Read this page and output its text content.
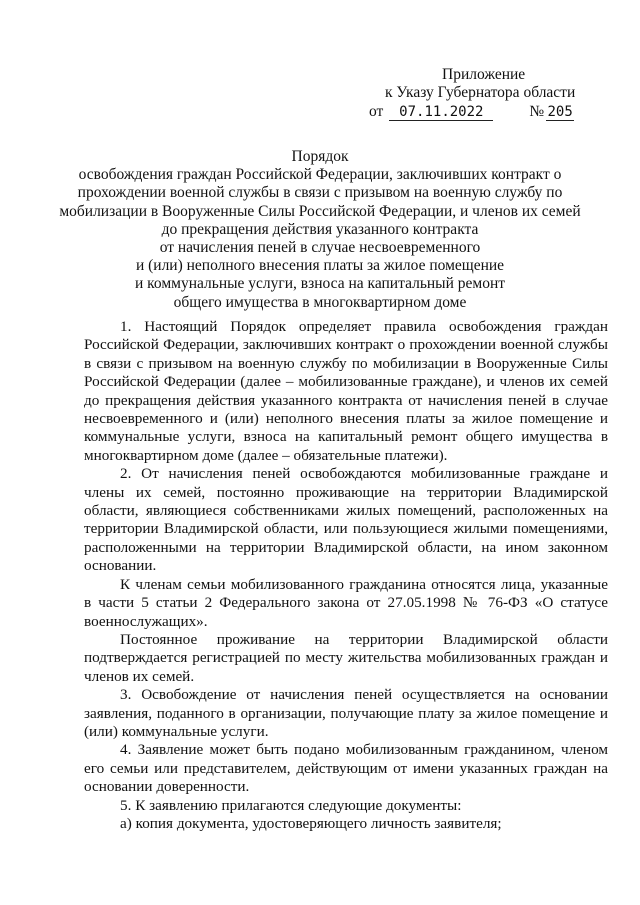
Приложение
к Указу Губернатора области
от 07.11.2022	№ 205
Порядок
освобождения граждан Российской Федерации, заключивших контракт о
прохождении военной службы в связи с призывом на военную службу по
мобилизации в Вооруженные Силы Российской Федерации, и членов их семей
до прекращения действия указанного контракта
от начисления пеней в случае несвоевременного
и (или) неполного внесения платы за жилое помещение
и коммунальные услуги, взноса на капитальный ремонт
общего имущества в многоквартирном доме

1. Настоящий Порядок определяет правила освобождения граждан Российской Федерации, заключивших контракт о прохождении военной службы в связи с призывом на военную службу по мобилизации в Вооруженные Силы Российской Федерации (далее – мобилизованные граждане), и членов их семей до прекращения действия указанного контракта от начисления пеней в случае несвоевременного и (или) неполного внесения платы за жилое помещение и коммунальные услуги, взноса на капитальный ремонт общего имущества в многоквартирном доме (далее – обязательные платежи).

2. От начисления пеней освобождаются мобилизованные граждане и члены их семей, постоянно проживающие на территории Владимирской области, являющиеся собственниками жилых помещений, расположенных на территории Владимирской области, или пользующиеся жилыми помещениями, расположенными на территории Владимирской области, на ином законном основании.

К членам семьи мобилизованного гражданина относятся лица, указанные в части 5 статьи 2 Федерального закона от 27.05.1998 № 76-ФЗ «О статусе военнослужащих».

Постоянное проживание на территории Владимирской области подтверждается регистрацией по месту жительства мобилизованных граждан и членов их семей.

3. Освобождение от начисления пеней осуществляется на основании заявления, поданного в организации, получающие плату за жилое помещение и (или) коммунальные услуги.

4. Заявление может быть подано мобилизованным гражданином, членом его семьи или представителем, действующим от имени указанных граждан на основании доверенности.

5. К заявлению прилагаются следующие документы:

а) копия документа, удостоверяющего личность заявителя;
